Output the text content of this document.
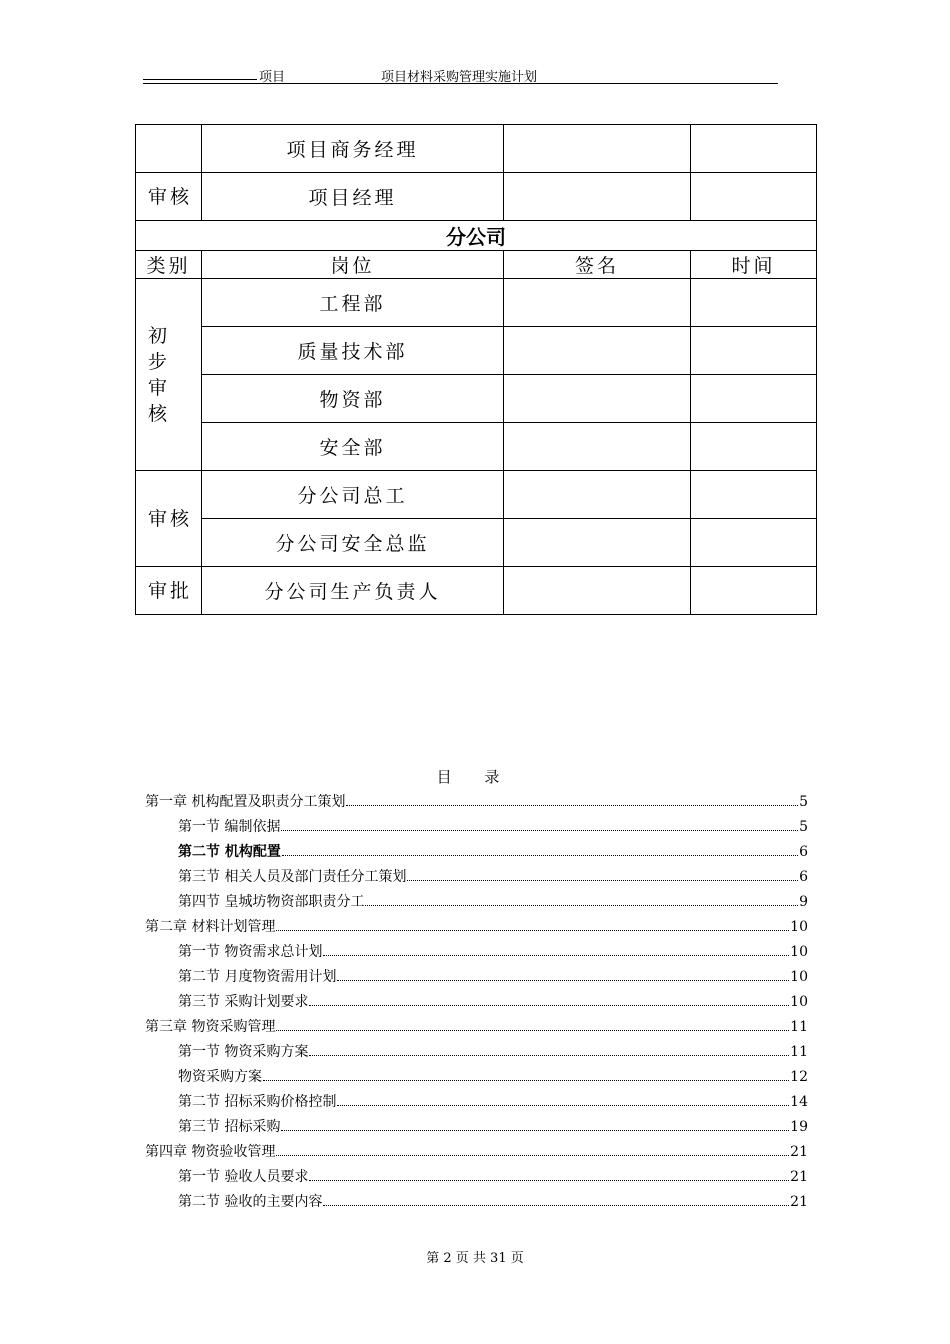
项目	项目材料采购管理实施计划
	项目商务经理		
审核	项目经理		
分公司			
类别	岗位	签名	时间
初步审核	工程部		
	质量技术部		
	物资部		
	安全部		
审核	分公司总工		
	分公司安全总监		
审批	分公司生产负责人		
目 录
第一章 机构配置及职责分工策划	5
第一节 编制依据	5
第二节 机构配置	6
第三节 相关人员及部门责任分工策划	6
第四节 皇城坊物资部职责分工	9
第二章 材料计划管理	10
第一节 物资需求总计划	10
第二节 月度物资需用计划	10
第三节 采购计划要求	10
第三章 物资采购管理	11
第一节 物资采购方案	11
物资采购方案	12
第二节 招标采购价格控制	14
第三节 招标采购	19
第四章 物资验收管理	21
第一节 验收人员要求	21
第二节 验收的主要内容	21
第 2 页 共 31 页
